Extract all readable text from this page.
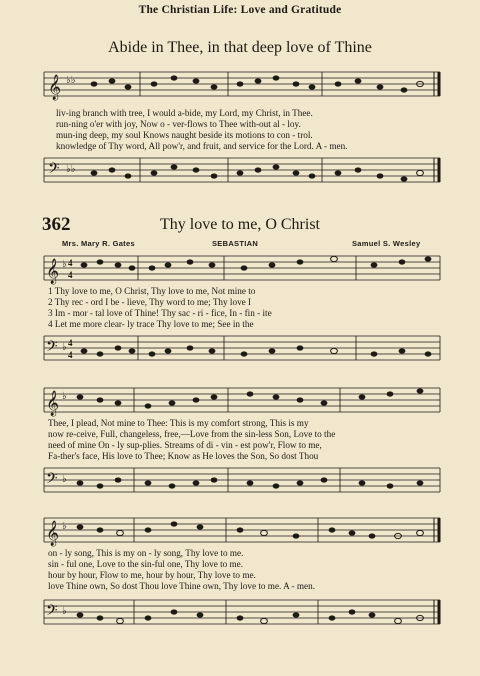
The Christian Life: Love and Gratitude
Abide in Thee, in that deep love of Thine
𝄞 ♭♭
liv-ing branch with tree, I would a-bide, my Lord, my Christ, in Thee.
run-ning o'er with joy, Now o - ver-flows to Thee with-out al - loy.
mun-ing deep, my soul Knows naught beside its motions to con - trol.
knowledge of Thy word, All pow'r, and fruit, and service for the Lord. A - men.
𝄢 ♭♭
362	Thy love to me, O Christ
Mrs. Mary R. Gates	SEBASTIAN	Samuel S. Wesley
𝄞 ♭ 4
4
1 Thy love to me, O Christ, Thy love to me, Not mine to
2 Thy rec - ord I be - lieve, Thy word to me; Thy love I
3 Im - mor - tal love of Thine! Thy sac - ri - fice, In - fin - ite
4 Let me more clear- ly trace Thy love to me; See in the
𝄢 ♭ 4
4
𝄞 ♭
Thee, I plead, Not mine to Thee: This is my comfort strong, This is my
now re-ceive, Full, changeless, free,—Love from the sin-less Son, Love to the
need of mine On - ly sup-plies. Streams of di - vin - est pow'r, Flow to me,
Fa-ther's face, His love to Thee; Know as He loves the Son, So dost Thou
𝄢 ♭
𝄞 ♭
on - ly song, This is my on - ly song, Thy love to me.
sin - ful one, Love to the sin-ful one, Thy love to me.
hour by hour, Flow to me, hour by hour, Thy love to me.
love Thine own, So dost Thou love Thine own, Thy love to me. A - men.
𝄢 ♭
